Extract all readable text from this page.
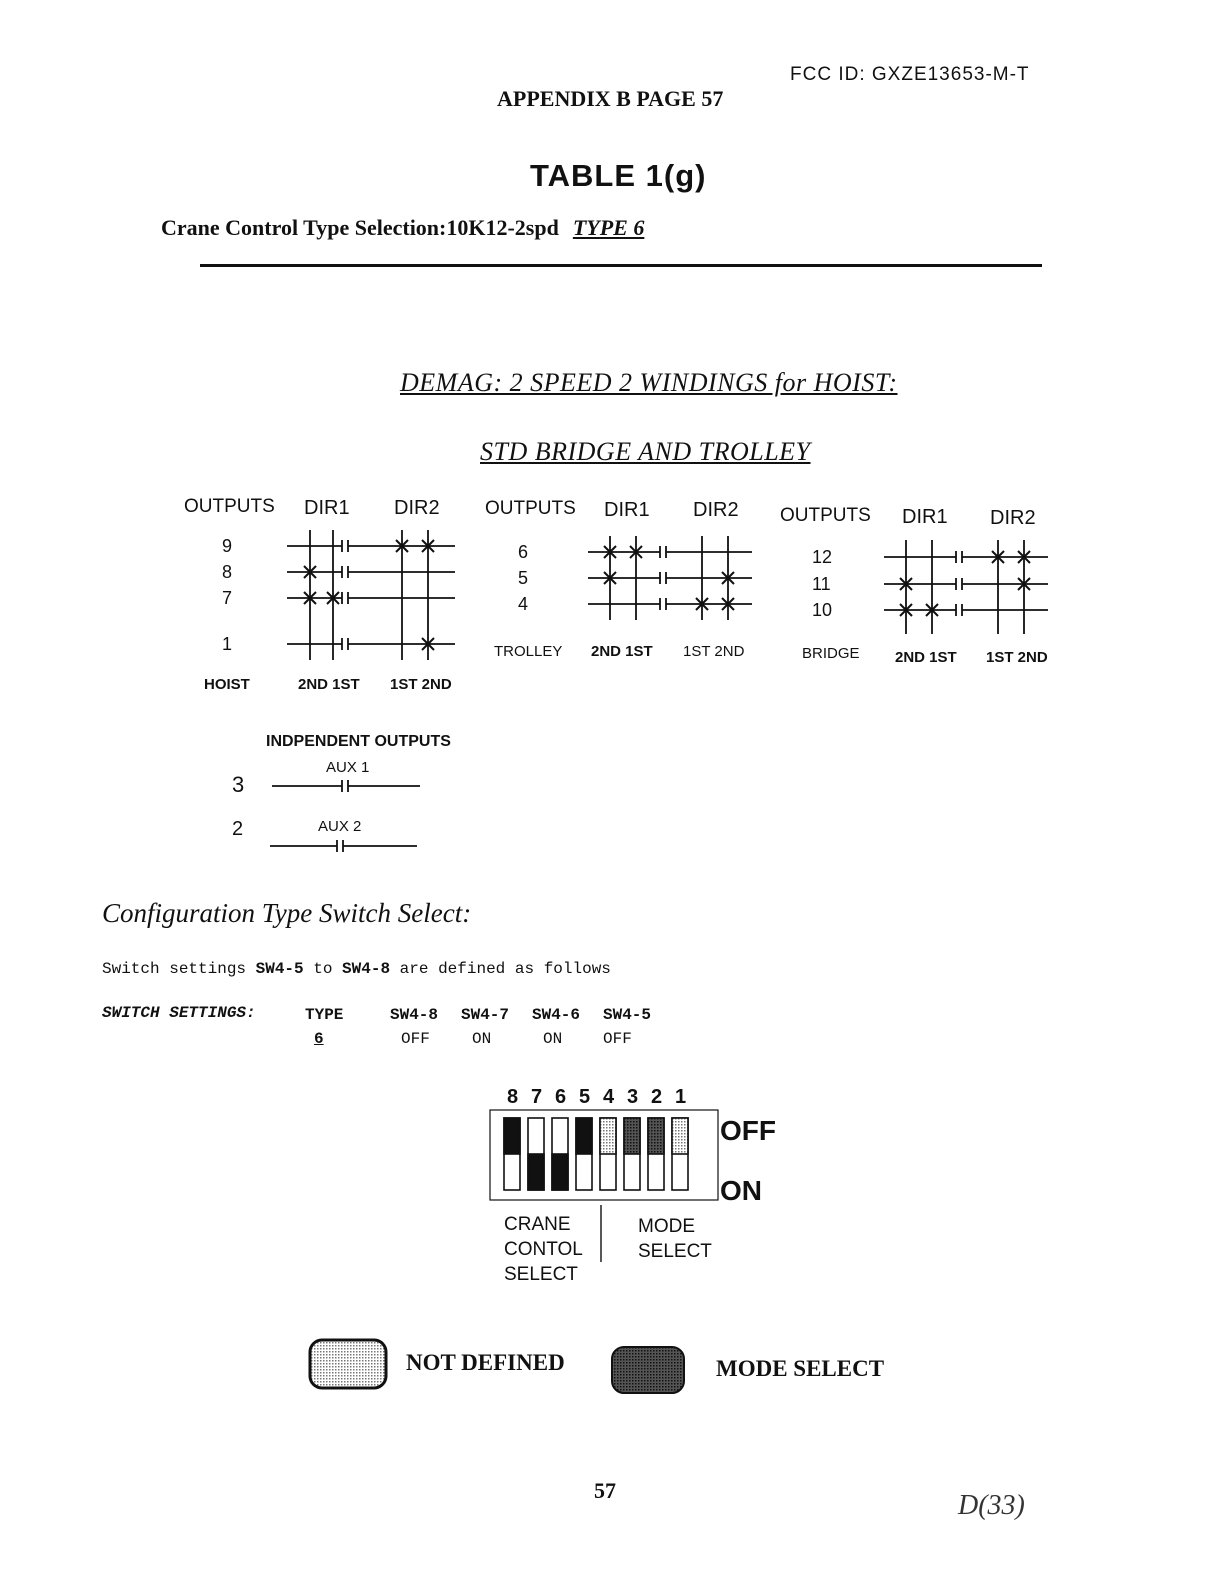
FCC ID: GXZE13653-M-T
APPENDIX B PAGE 57
TABLE 1(g)
Crane Control Type Selection:10K12-2spd TYPE 6
DEMAG: 2 SPEED 2 WINDINGS for HOIST:
STD BRIDGE AND TROLLEY
OUTPUTS DIR1 DIR2
9
8
7
1
HOIST	2ND 1ST 1ST 2ND
OUTPUTS DIR1 DIR2
6
5
4
TROLLEY 2ND 1ST 1ST 2ND
OUTPUTS DIR1 DIR2
12
11
10
BRIDGE 2ND 1ST 1ST 2ND
INDPENDENT OUTPUTS
AUX 1
3
AUX 2
2
Configuration Type Switch Select:
Switch settings SW4-5 to SW4-8 are defined as follows
SWITCH SETTINGS:	TYPE	SW4-8 SW4-7 SW4-6 SW4-5
6	OFF	ON	ON	OFF
8 7 6 5 4 3 2 1
OFF
ON
CRANE
CONTOL
SELECT
MODE
SELECT
NOT DEFINED	MODE SELECT
57	D(33)
